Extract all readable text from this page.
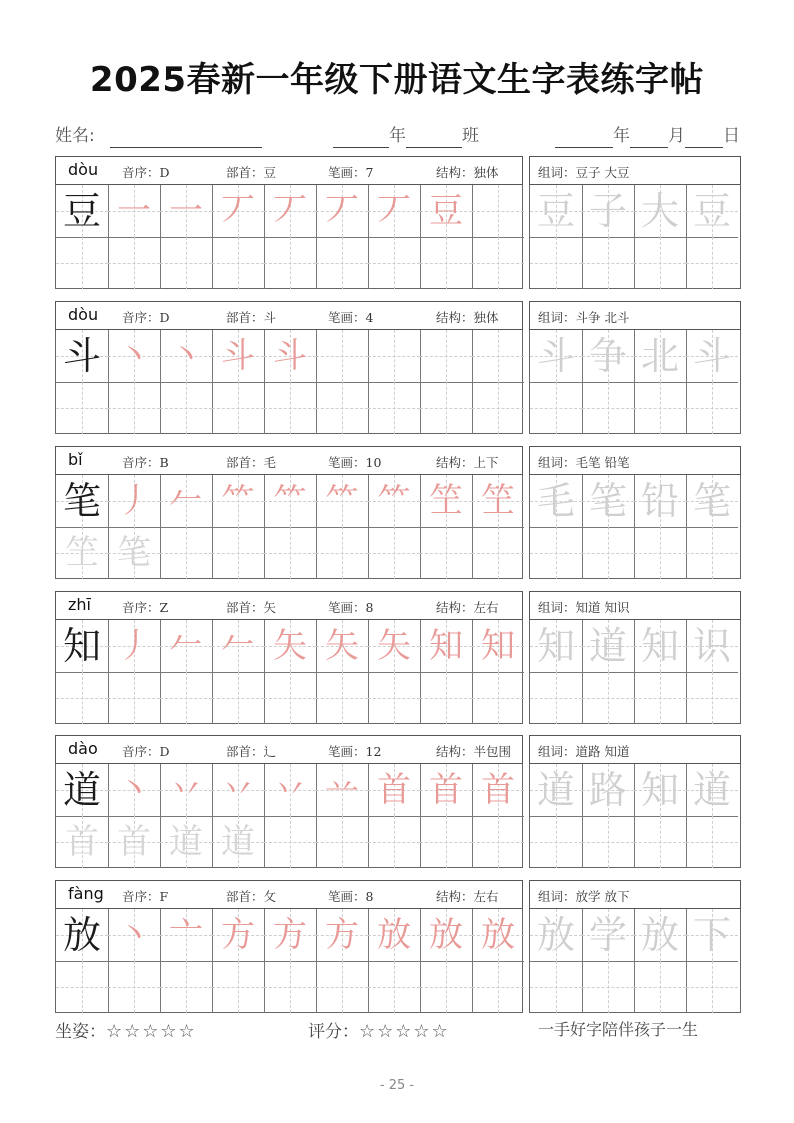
2025春新一年级下册语文生字表练字帖
姓名:	年	班	年 月 日
dòu 音序：D	部首：豆	笔画：7	结构：独体	组词：豆子 大豆
豆 一 一 丆 丆 丆 丆 豆 豆 子 大 豆
dòu 音序：D	部首：斗	笔画：4	结构：独体	组词：斗争 北斗
斗 丶 丶 斗 斗	斗 争 北 斗
bǐ	音序：B	部首：毛	笔画：10	结构：上下	组词：毛笔 铅笔
笔 丿 𠂉 ⺮ ⺮ ⺮ ⺮ 笁 笁
笁 笔
毛 笔 铅 笔
zhī 音序：Z	部首：矢	笔画：8	结构：左右	组词：知道 知识
知 丿 𠂉 𠂉 矢 矢 矢 知 知 知 道 知 识
dào 音序：D	部首：辶	笔画：12	结构：半包围 组词：道路 知道
道 丶 丷 丷 丷 䒑 首 首 首
首 首 道 道
道 路 知 道
fàng 音序：F	部首：攵	笔画：8	结构：左右	组词：放学 放下
放 丶 亠 方 方 方 放 放 放 放 学 放 下
坐姿：☆☆☆☆☆	评分：☆☆☆☆☆	一手好字陪伴孩子一生
- 25 -
